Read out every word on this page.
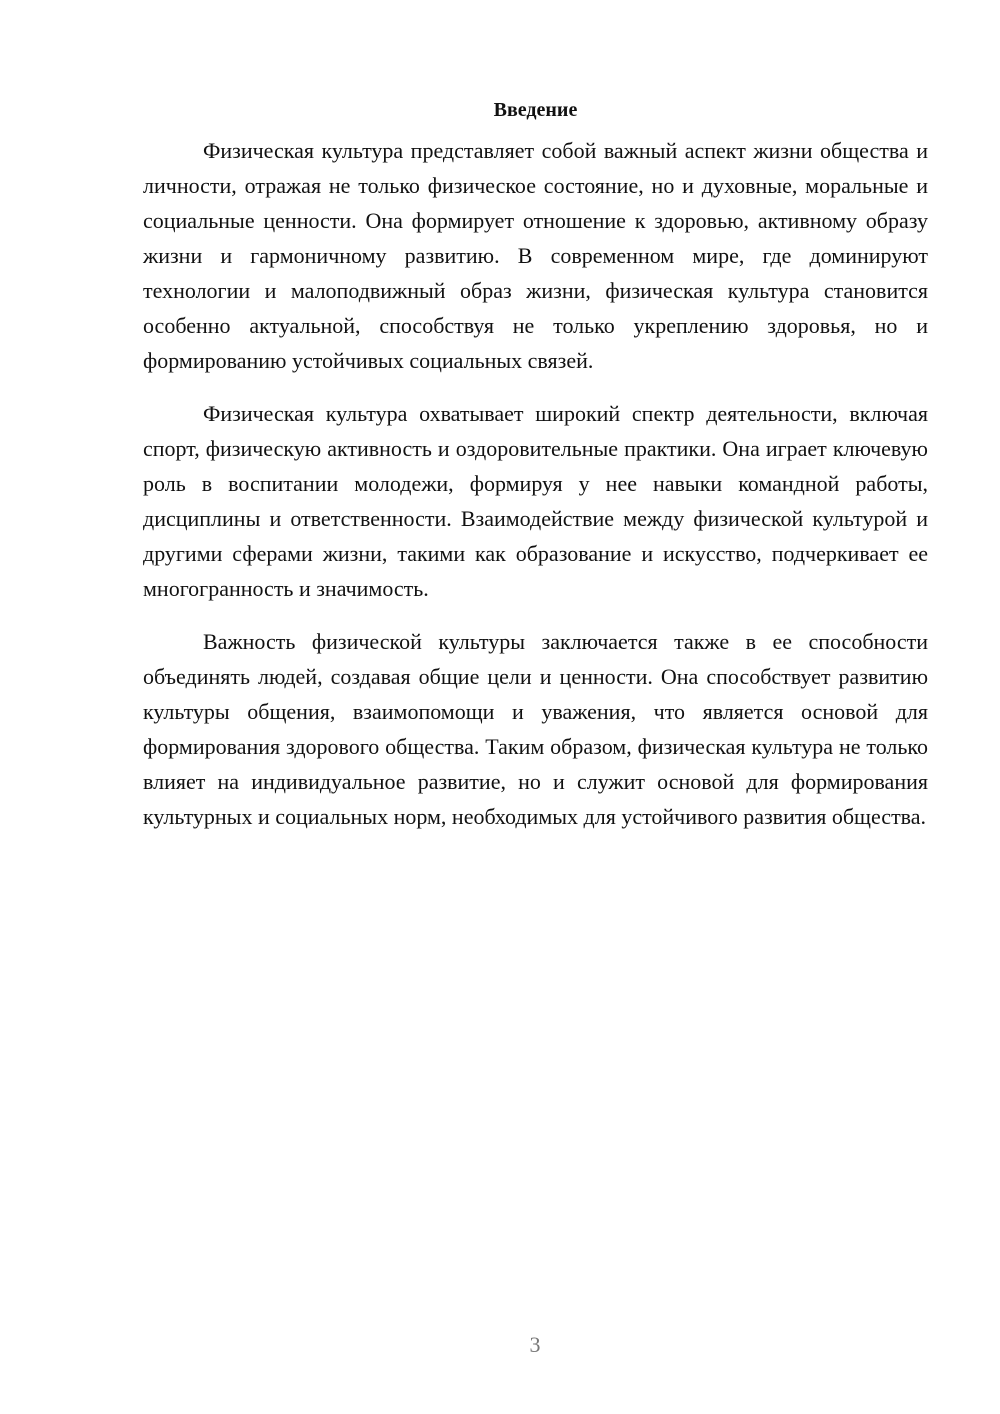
Введение

Физическая культура представляет собой важный аспект жизни общества и личности, отражая не только физическое состояние, но и духовные, моральные и социальные ценности. Она формирует отношение к здоровью, активному образу жизни и гармоничному развитию. В современном мире, где доминируют технологии и малоподвижный образ жизни, физическая культура становится особенно актуальной, способствуя не только укреплению здоровья, но и формированию устойчивых социальных связей.

Физическая культура охватывает широкий спектр деятельности, включая спорт, физическую активность и оздоровительные практики. Она играет ключевую роль в воспитании молодежи, формируя у нее навыки командной работы, дисциплины и ответственности. Взаимодействие между физической культурой и другими сферами жизни, такими как образование и искусство, подчеркивает ее многогранность и значимость.

Важность физической культуры заключается также в ее способности объединять людей, создавая общие цели и ценности. Она способствует развитию культуры общения, взаимопомощи и уважения, что является основой для формирования здорового общества. Таким образом, физическая культура не только влияет на индивидуальное развитие, но и служит основой для формирования культурных и социальных норм, необходимых для устойчивого развития общества.

3
